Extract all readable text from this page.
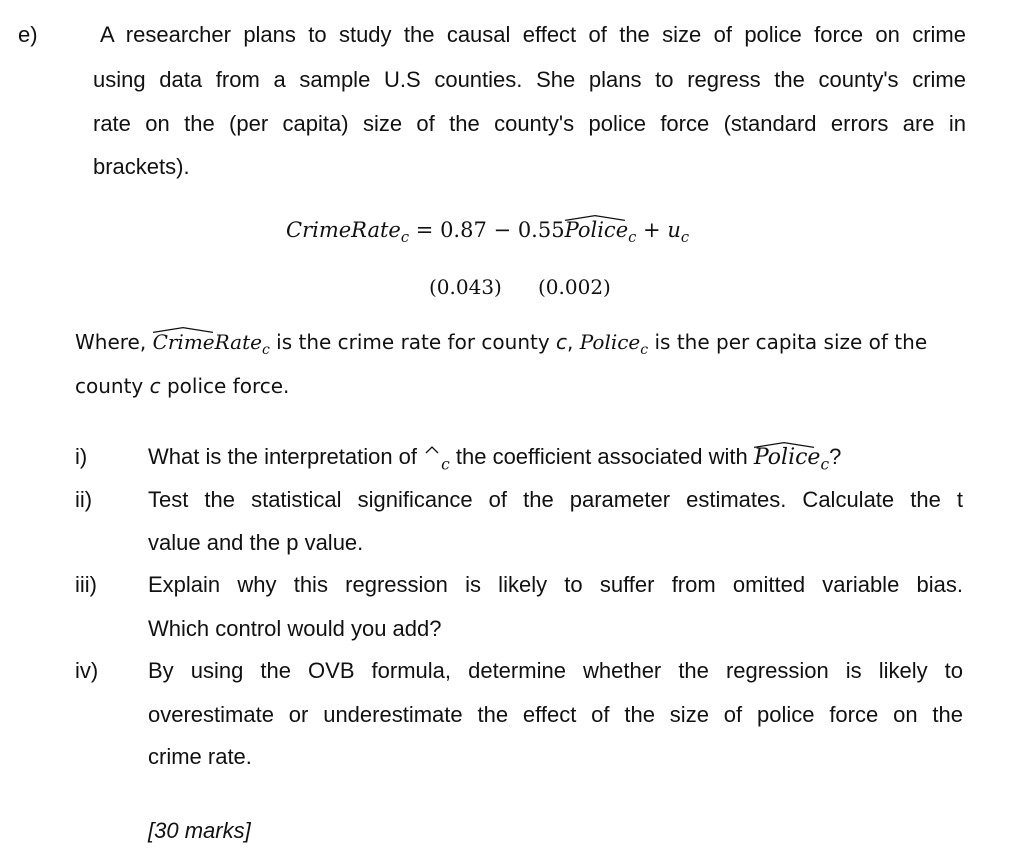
e)	A researcher plans to study the causal effect of the size of police force on crime
using data from a sample U.S counties. She plans to regress the county's crime
rate on the (per capita) size of the county's police force (standard errors are in
brackets).
CrimeRate$_c$ = 0.87 − 0.55
Police$_c$ + $u_c$
(0.043) (0.002)
Where,
CrimeRate$_c$ is the crime rate for county c, Police$_c$ is the per capita size of the
county c police force.
i)	What is the interpretation of
$_c$ the coefficient associated with
Police$_c$?
ii)	Test the statistical significance of the parameter estimates. Calculate the t
value and the p value.
iii) Explain why this regression is likely to suffer from omitted variable bias.
Which control would you add?
iv) By using the OVB formula, determine whether the regression is likely to
overestimate or underestimate the effect of the size of police force on the
crime rate.
[30 marks]
